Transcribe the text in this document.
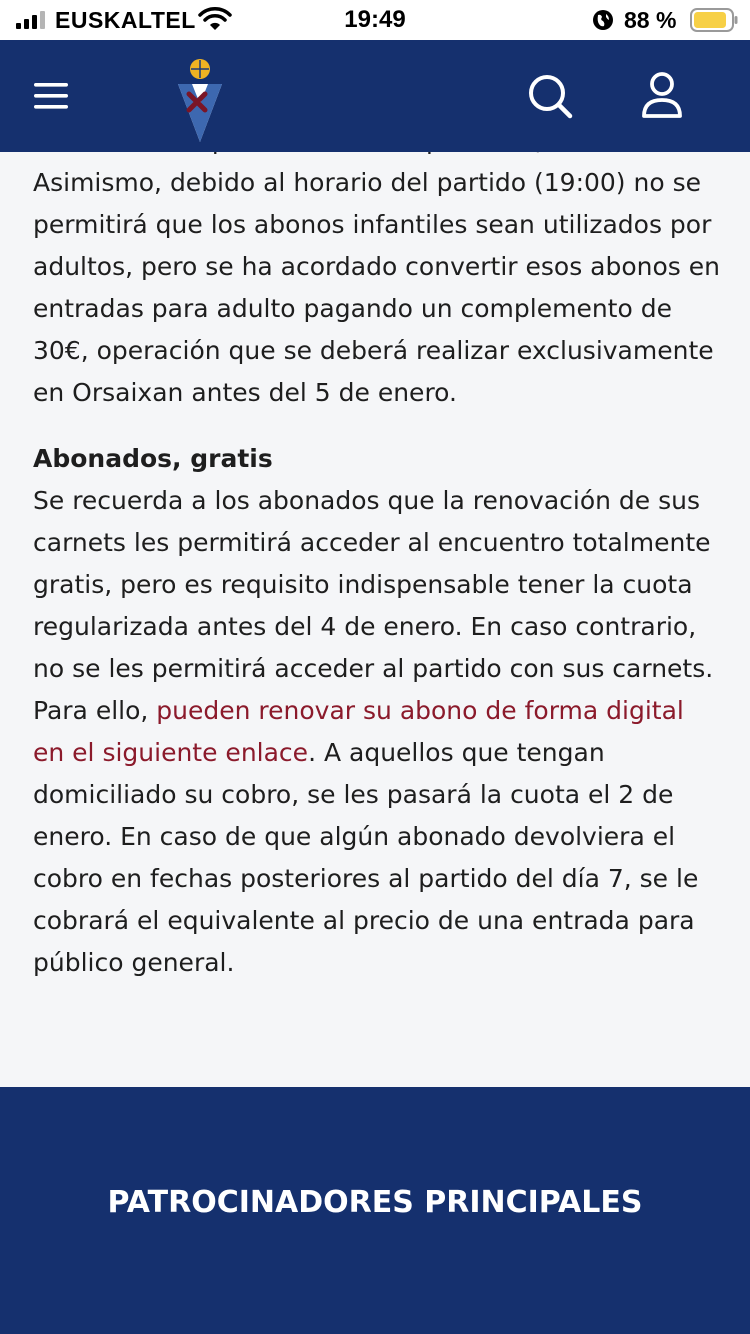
EUSKALTEL	19:49	88 %

Asimismo, debido al horario del partido (19:00) no se permitirá que los abonos infantiles sean utilizados por adultos, pero se ha acordado convertir esos abonos en entradas para adulto pagando un complemento de 30€, operación que se deberá realizar exclusivamente en Orsaixan antes del 5 de enero.

Abonados, gratis

Se recuerda a los abonados que la renovación de sus carnets les permitirá acceder al encuentro totalmente gratis, pero es requisito indispensable tener la cuota regularizada antes del 4 de enero. En caso contrario, no se les permitirá acceder al partido con sus carnets. Para ello, pueden renovar su abono de forma digital en el siguiente enlace. A aquellos que tengan domiciliado su cobro, se les pasará la cuota el 2 de enero. En caso de que algún abonado devolviera el cobro en fechas posteriores al partido del día 7, se le cobrará el equivalente al precio de una entrada para público general.

PATROCINADORES PRINCIPALES
